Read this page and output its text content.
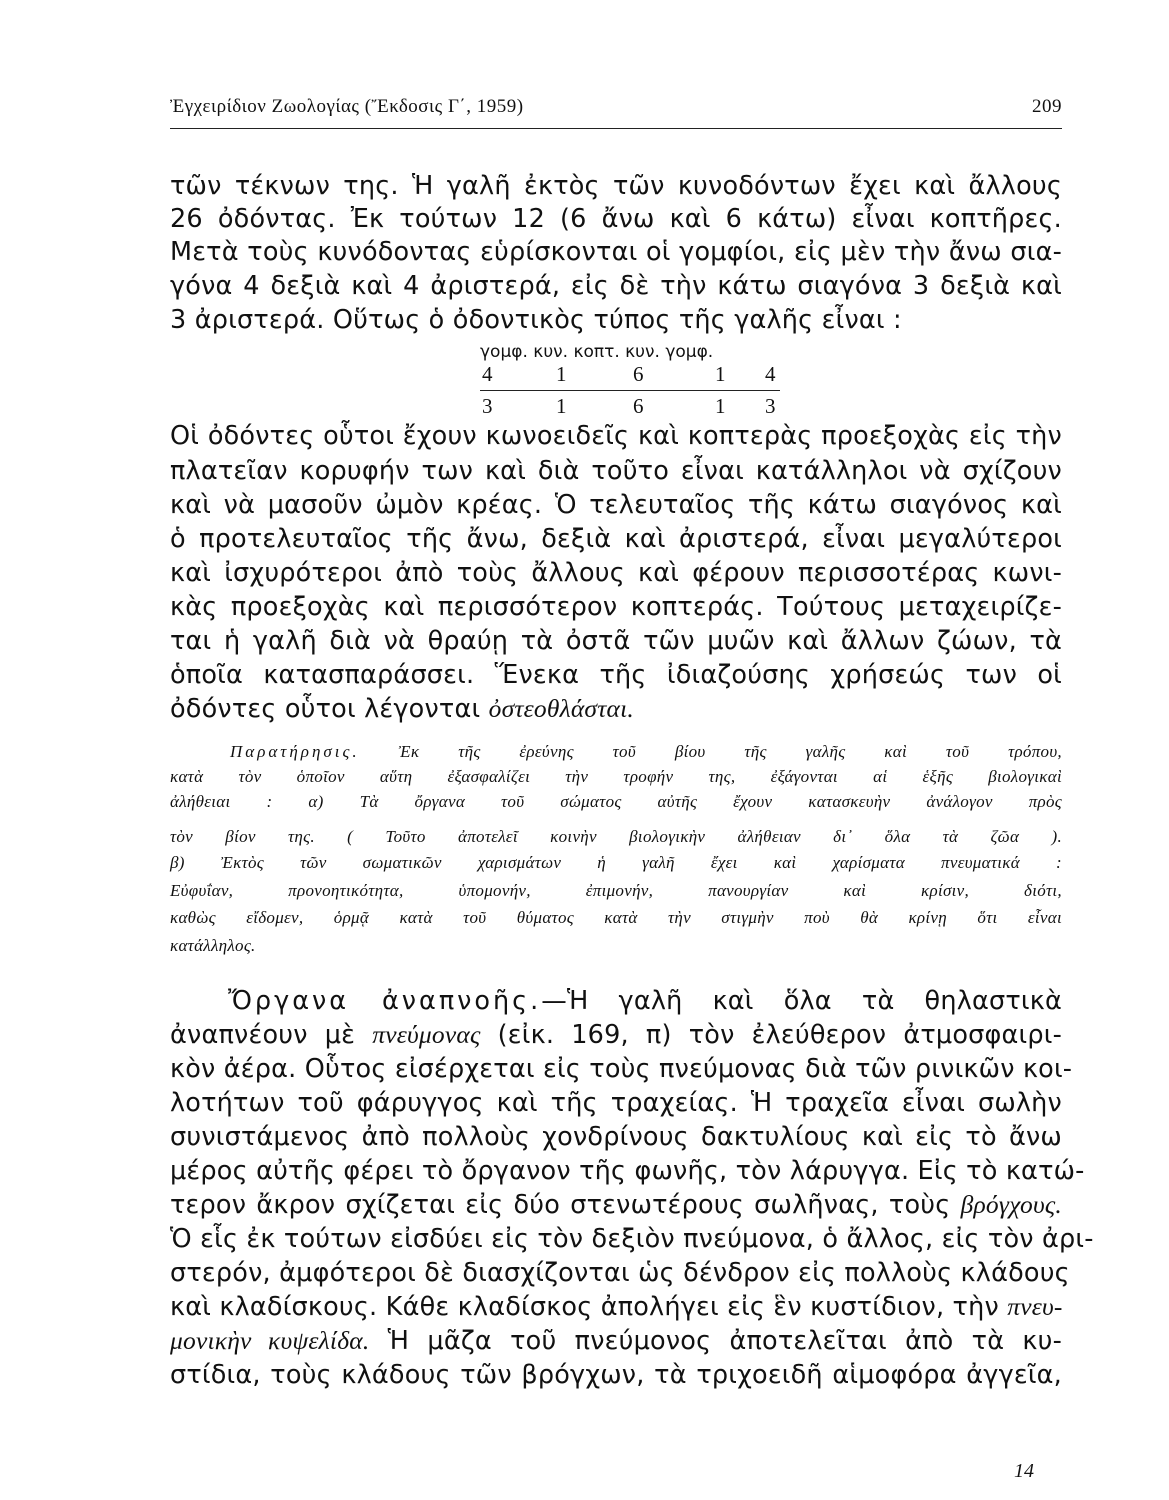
Ἐγχειρίδιον Ζωολογίας (Ἔκδοσις Γ΄, 1959)	209
τῶν τέκνων της. Ἡ γαλῆ ἐκτὸς τῶν κυνοδόντων ἔχει καὶ ἄλλους
26 ὀδόντας. Ἐκ τούτων 12 (6 ἄνω καὶ 6 κάτω) εἶναι κοπτῆρες.
Μετὰ τοὺς κυνόδοντας εὑρίσκονται οἱ γομφίοι, εἰς μὲν τὴν ἄνω σια-
γόνα 4 δεξιὰ καὶ 4 ἀριστερά, εἰς δὲ τὴν κάτω σιαγόνα 3 δεξιὰ καὶ
3 ἀριστερά. Οὕτως ὁ ὀδοντικὸς τύπος τῆς γαλῆς εἶναι :
γομφ. κυν. κοπτ. κυν. γομφ.
4	1	6	1 4
3	1	6	1 3
Οἱ ὀδόντες οὗτοι ἔχουν κωνοειδεῖς καὶ κοπτερὰς προεξοχὰς εἰς τὴν
πλατεῖαν κορυφήν των καὶ διὰ τοῦτο εἶναι κατάλληλοι νὰ σχίζουν
καὶ νὰ μασοῦν ὠμὸν κρέας. Ὁ τελευταῖος τῆς κάτω σιαγόνος καὶ
ὁ προτελευταῖος τῆς ἄνω, δεξιὰ καὶ ἀριστερά, εἶναι μεγαλύτεροι
καὶ ἰσχυρότεροι ἀπὸ τοὺς ἄλλους καὶ φέρουν περισσοτέρας κωνι-
κὰς προεξοχὰς καὶ περισσότερον κοπτεράς. Τούτους μεταχειρίζε-
ται ἡ γαλῆ διὰ νὰ θραύῃ τὰ ὀστᾶ τῶν μυῶν καὶ ἄλλων ζώων, τὰ
ὁποῖα κατασπαράσσει. Ἕνεκα τῆς ἰδιαζούσης χρήσεώς των οἱ
ὀδόντες οὗτοι λέγονται ὀστεοθλάσται.
Παρατήρησις. Ἐκ τῆς ἐρεύνης τοῦ βίου τῆς γαλῆς καὶ τοῦ τρόπου,
κατὰ τὸν ὁποῖον αὕτη ἐξασφαλίζει τὴν τροφήν της, ἐξάγονται αἱ ἑξῆς βιολογικαὶ
ἀλήθειαι : α) Τὰ ὄργανα τοῦ σώματος αὐτῆς ἔχουν κατασκευὴν ἀνάλογον πρὸς
τὸν βίον της. ( Τοῦτο ἀποτελεῖ κοινὴν βιολογικὴν ἀλήθειαν δι᾽ ὅλα τὰ ζῶα ).
β) Ἐκτὸς τῶν σωματικῶν χαρισμάτων ἡ γαλῆ ἔχει καὶ χαρίσματα πνευματικά :
Εὐφυΐαν, προνοητικότητα, ὑπομονήν, ἐπιμονήν, πανουργίαν καὶ κρίσιν, διότι,
καθὼς εἴδομεν, ὁρμᾷ κατὰ τοῦ θύματος κατὰ τὴν στιγμὴν ποὺ θὰ κρίνῃ ὅτι εἶναι
κατάλληλος.
Ὄργανα ἀναπνοῆς.—Ἡ γαλῆ καὶ ὅλα τὰ θηλαστικὰ
ἀναπνέουν μὲ πνεύμονας (εἰκ. 169, π) τὸν ἐλεύθερον ἀτμοσφαιρι-
κὸν ἀέρα. Οὗτος εἰσέρχεται εἰς τοὺς πνεύμονας διὰ τῶν ρινικῶν κοι-
λοτήτων τοῦ φάρυγγος καὶ τῆς τραχείας. Ἡ τραχεῖα εἶναι σωλὴν
συνιστάμενος ἀπὸ πολλοὺς χονδρίνους δακτυλίους καὶ εἰς τὸ ἄνω
μέρος αὐτῆς φέρει τὸ ὄργανον τῆς φωνῆς, τὸν λάρυγγα. Εἰς τὸ κατώ-
τερον ἄκρον σχίζεται εἰς δύο στενωτέρους σωλῆνας, τοὺς βρόγχους.
Ὁ εἷς ἐκ τούτων εἰσδύει εἰς τὸν δεξιὸν πνεύμονα, ὁ ἄλλος, εἰς τὸν ἀρι-
στερόν, ἀμφότεροι δὲ διασχίζονται ὡς δένδρον εἰς πολλοὺς κλάδους
καὶ κλαδίσκους. Κάθε κλαδίσκος ἀπολήγει εἰς ἓν κυστίδιον, τὴν πνευ-
μονικὴν κυψελίδα. Ἡ μᾶζα τοῦ πνεύμονος ἀποτελεῖται ἀπὸ τὰ κυ-
στίδια, τοὺς κλάδους τῶν βρόγχων, τὰ τριχοειδῆ αἱμοφόρα ἀγγεῖα,
14
